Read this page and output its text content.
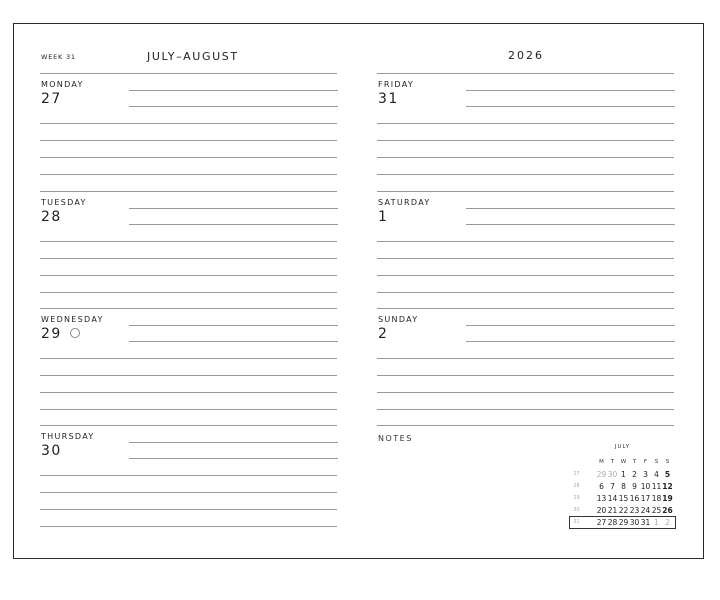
WEEK 31	JULY–AUGUST	2026
NOTES
JULY
M	T	W	T	F	S	S
27	29 30 1 2 3 4 5
28	6 7 8 9 10 11 12
29	13 14 15 16 17 18 19
30	20 21 22 23 24 25 26
31	27 28 29 30 31 1 2
MONDAY
27
TUESDAY
28
WEDNESDAY
29
THURSDAY
30
FRIDAY
31
SATURDAY
1
SUNDAY
2
